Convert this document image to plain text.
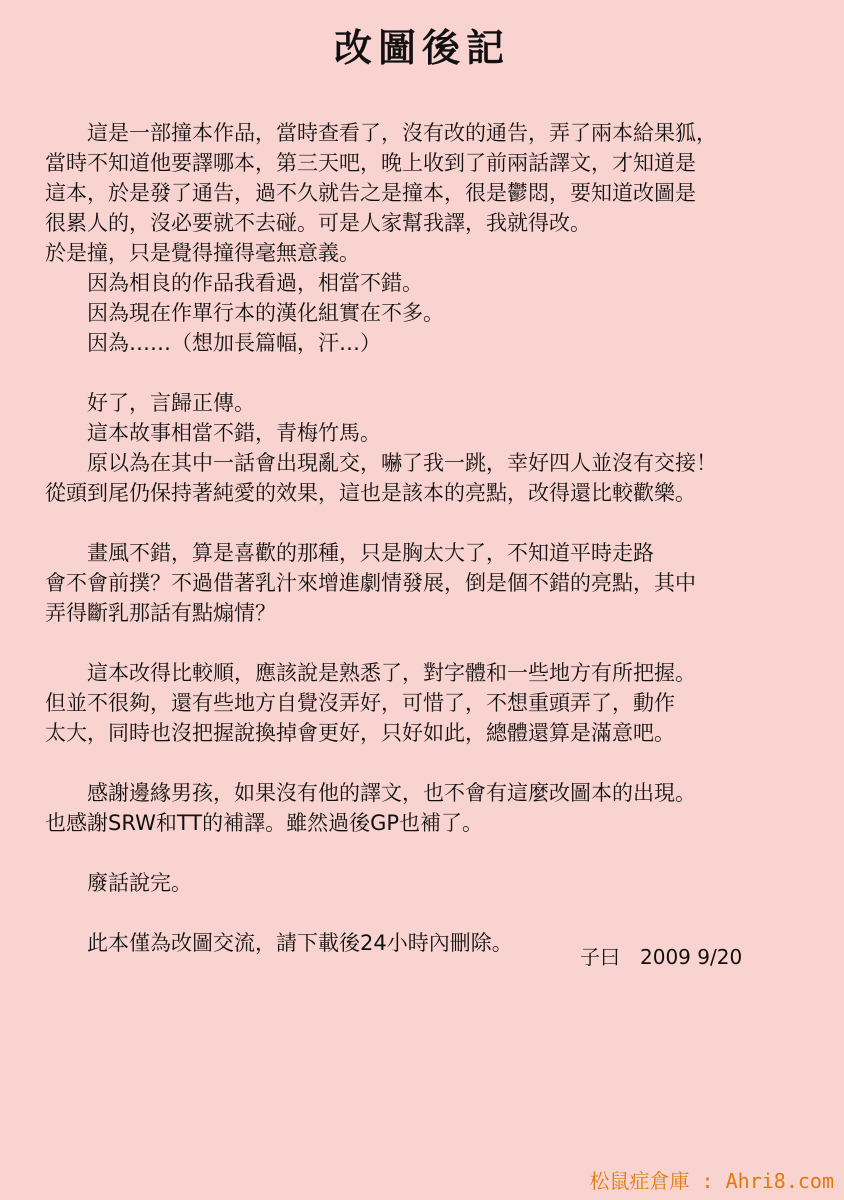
改圖後記
　　這是一部撞本作品，當時查看了，沒有改的通告，弄了兩本給果狐，
當時不知道他要譯哪本，第三天吧，晚上收到了前兩話譯文，才知道是
這本，於是發了通告，過不久就告之是撞本，很是鬱悶，要知道改圖是
很累人的，沒必要就不去碰。可是人家幫我譯，我就得改。
於是撞，只是覺得撞得毫無意義。
　　因為相良的作品我看過，相當不錯。
　　因為現在作單行本的漢化組實在不多。
　　因為……（想加長篇幅，汗…）
　　好了，言歸正傳。
　　這本故事相當不錯，青梅竹馬。
　　原以為在其中一話會出現亂交，嚇了我一跳，幸好四人並沒有交接！
從頭到尾仍保持著純愛的效果，這也是該本的亮點，改得還比較歡樂。
　　畫風不錯，算是喜歡的那種，只是胸太大了，不知道平時走路
會不會前撲？不過借著乳汁來增進劇情發展，倒是個不錯的亮點，其中
弄得斷乳那話有點煽情？
　　這本改得比較順，應該說是熟悉了，對字體和一些地方有所把握。
但並不很夠，還有些地方自覺沒弄好，可惜了，不想重頭弄了，動作
太大，同時也沒把握說換掉會更好，只好如此，總體還算是滿意吧。
　　感謝邊緣男孩，如果沒有他的譯文，也不會有這麼改圖本的出現。
也感謝SRW和TT的補譯。雖然過後GP也補了。
　　廢話說完。
　　此本僅為改圖交流，請下載後24小時內刪除。
子曰　2009 9/20
松鼠症倉庫 : Ahri8.com
